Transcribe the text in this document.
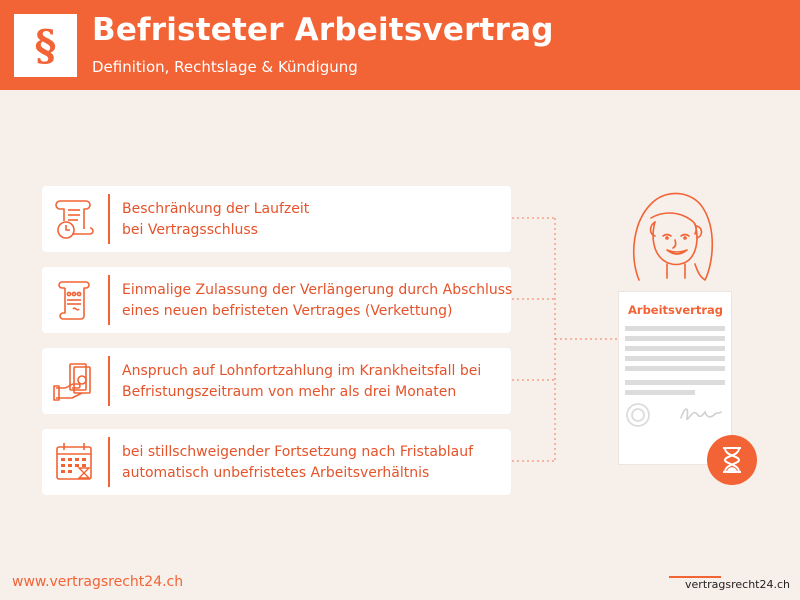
§ Befristeter Arbeitsvertrag
Definition, Rechtslage & Kündigung
Beschränkung der Laufzeit
bei Vertragsschluss
Einmalige Zulassung der Verlängerung durch Abschluss
eines neuen befristeten Vertrages (Verkettung)
Anspruch auf Lohnfortzahlung im Krankheitsfall bei
Befristungszeitraum von mehr als drei Monaten
bei stillschweigender Fortsetzung nach Fristablauf
automatisch unbefristetes Arbeitsverhältnis
Arbeitsvertrag
www.vertragsrecht24.ch	vertragsrecht24.ch
